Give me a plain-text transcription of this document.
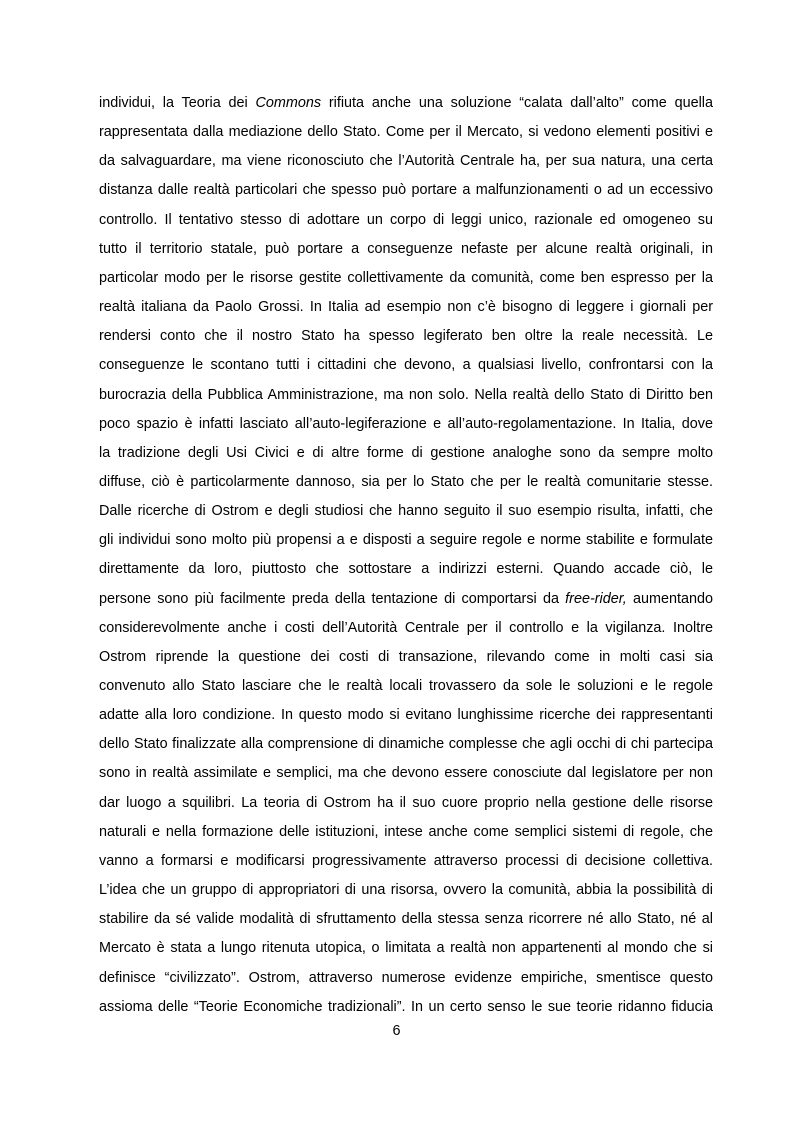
individui, la Teoria dei Commons rifiuta anche una soluzione “calata dall’alto” come quella
rappresentata dalla mediazione dello Stato. Come per il Mercato, si vedono elementi positivi e
da salvaguardare, ma viene riconosciuto che l’Autorità Centrale ha, per sua natura, una certa
distanza dalle realtà particolari che spesso può portare a malfunzionamenti o ad un eccessivo
controllo. Il tentativo stesso di adottare un corpo di leggi unico, razionale ed omogeneo su
tutto il territorio statale, può portare a conseguenze nefaste per alcune realtà originali, in
particolar modo per le risorse gestite collettivamente da comunità, come ben espresso per la
realtà italiana da Paolo Grossi. In Italia ad esempio non c’è bisogno di leggere i giornali per
rendersi conto che il nostro Stato ha spesso legiferato ben oltre la reale necessità. Le
conseguenze le scontano tutti i cittadini che devono, a qualsiasi livello, confrontarsi con la
burocrazia della Pubblica Amministrazione, ma non solo. Nella realtà dello Stato di Diritto ben
poco spazio è infatti lasciato all’auto-legiferazione e all’auto-regolamentazione. In Italia, dove
la tradizione degli Usi Civici e di altre forme di gestione analoghe sono da sempre molto
diffuse, ciò è particolarmente dannoso, sia per lo Stato che per le realtà comunitarie stesse.
Dalle ricerche di Ostrom e degli studiosi che hanno seguito il suo esempio risulta, infatti, che
gli individui sono molto più propensi a e disposti a seguire regole e norme stabilite e formulate
direttamente da loro, piuttosto che sottostare a indirizzi esterni. Quando accade ciò, le
persone sono più facilmente preda della tentazione di comportarsi da free-rider, aumentando
considerevolmente anche i costi dell’Autorità Centrale per il controllo e la vigilanza. Inoltre
Ostrom riprende la questione dei costi di transazione, rilevando come in molti casi sia
convenuto allo Stato lasciare che le realtà locali trovassero da sole le soluzioni e le regole
adatte alla loro condizione. In questo modo si evitano lunghissime ricerche dei rappresentanti
dello Stato finalizzate alla comprensione di dinamiche complesse che agli occhi di chi partecipa
sono in realtà assimilate e semplici, ma che devono essere conosciute dal legislatore per non
dar luogo a squilibri. La teoria di Ostrom ha il suo cuore proprio nella gestione delle risorse
naturali e nella formazione delle istituzioni, intese anche come semplici sistemi di regole, che
vanno a formarsi e modificarsi progressivamente attraverso processi di decisione collettiva.
L’idea che un gruppo di appropriatori di una risorsa, ovvero la comunità, abbia la possibilità di
stabilire da sé valide modalità di sfruttamento della stessa senza ricorrere né allo Stato, né al
Mercato è stata a lungo ritenuta utopica, o limitata a realtà non appartenenti al mondo che si
definisce “civilizzato”. Ostrom, attraverso numerose evidenze empiriche, smentisce questo
assioma delle “Teorie Economiche tradizionali”. In un certo senso le sue teorie ridanno fiducia
6
